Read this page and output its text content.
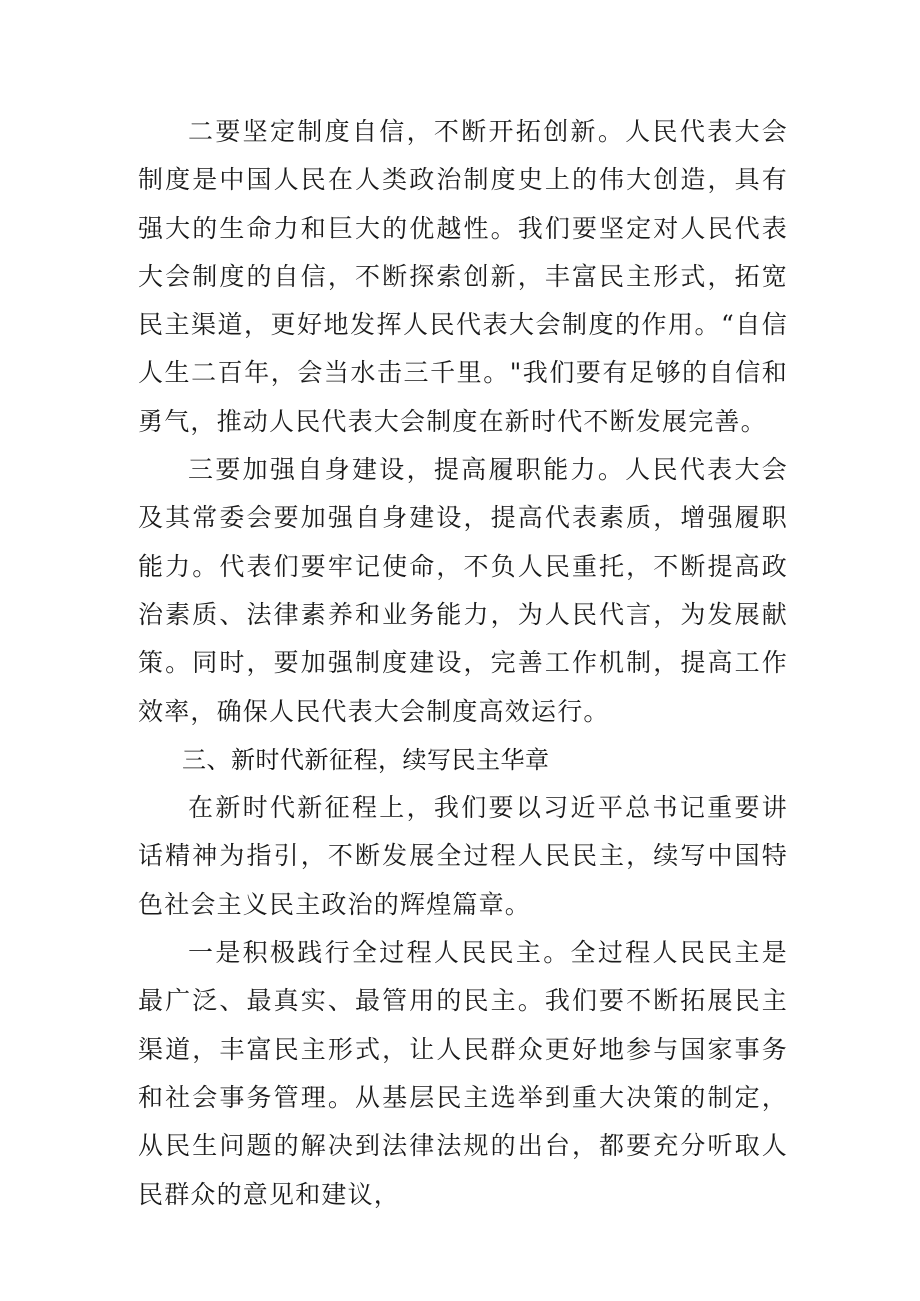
二要坚定制度自信，不断开拓创新。人民代表大会制度是中国人民在人类政治制度史上的伟大创造，具有强大的生命力和巨大的优越性。我们要坚定对人民代表大会制度的自信，不断探索创新，丰富民主形式，拓宽民主渠道，更好地发挥人民代表大会制度的作用。“自信人生二百年，会当水击三千里。"我们要有足够的自信和勇气，推动人民代表大会制度在新时代不断发展完善。

三要加强自身建设，提高履职能力。人民代表大会及其常委会要加强自身建设，提高代表素质，增强履职能力。代表们要牢记使命，不负人民重托，不断提高政治素质、法律素养和业务能力，为人民代言，为发展献策。同时，要加强制度建设，完善工作机制，提高工作效率，确保人民代表大会制度高效运行。

三、新时代新征程，续写民主华章

在新时代新征程上，我们要以习近平总书记重要讲话精神为指引，不断发展全过程人民民主，续写中国特色社会主义民主政治的辉煌篇章。

一是积极践行全过程人民民主。全过程人民民主是最广泛、最真实、最管用的民主。我们要不断拓展民主渠道，丰富民主形式，让人民群众更好地参与国家事务和社会事务管理。从基层民主选举到重大决策的制定，从民生问题的解决到法律法规的出台，都要充分听取人民群众的意见和建议，
